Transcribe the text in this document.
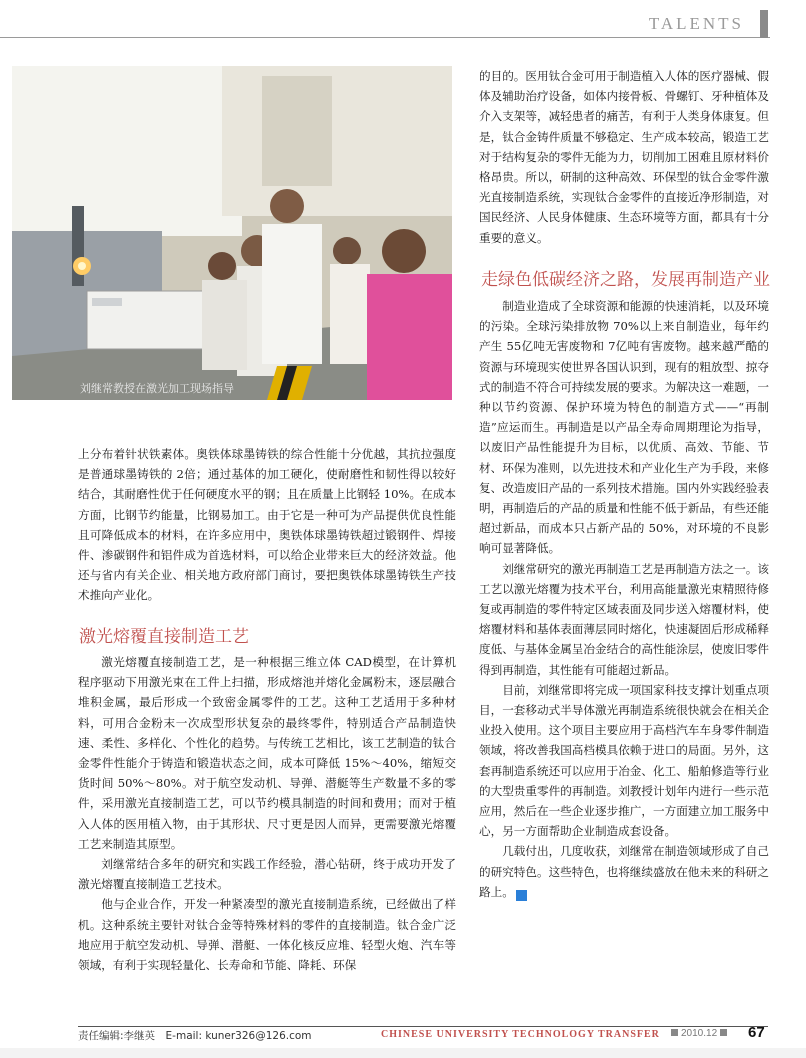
TALENTS
刘继常教授在激光加工现场指导

上分布着针状铁素体。奥铁体球墨铸铁的综合性能十分优越，其抗拉强度是普通球墨铸铁的 2倍；通过基体的加工硬化，使耐磨性和韧性得以较好结合，其耐磨性优于任何硬度水平的钢；且在质量上比钢轻 10%。在成本方面，比钢节约能量，比钢易加工。由于它是一种可为产品提供优良性能且可降低成本的材料，在许多应用中，奥铁体球墨铸铁超过锻钢件、焊接件、渗碳钢件和铝件成为首选材料，可以给企业带来巨大的经济效益。他还与省内有关企业、相关地方政府部门商讨，要把奥铁体球墨铸铁生产技术推向产业化。

激光熔覆直接制造工艺

激光熔覆直接制造工艺，是一种根据三维立体 CAD模型，在计算机程序驱动下用激光束在工件上扫描，形成熔池并熔化金属粉末，逐层融合堆积金属，最后形成一个致密金属零件的工艺。这种工艺适用于多种材料，可用合金粉末一次成型形状复杂的最终零件，特别适合产品制造快速、柔性、多样化、个性化的趋势。与传统工艺相比，该工艺制造的钛合金零件性能介于铸造和锻造状态之间，成本可降低 15%～40%，缩短交货时间 50%～80%。对于航空发动机、导弹、潜艇等生产数量不多的零件，采用激光直接制造工艺，可以节约模具制造的时间和费用；而对于植入人体的医用植入物，由于其形状、尺寸更是因人而异，更需要激光熔覆工艺来制造其原型。

刘继常结合多年的研究和实践工作经验，潜心钻研，终于成功开发了激光熔覆直接制造工艺技术。

他与企业合作，开发一种紧凑型的激光直接制造系统，已经做出了样机。这种系统主要针对钛合金等特殊材料的零件的直接制造。钛合金广泛地应用于航空发动机、导弹、潜艇、一体化核反应堆、轻型火炮、汽车等领域，有利于实现轻量化、长寿命和节能、降耗、环保

的目的。医用钛合金可用于制造植入人体的医疗器械、假体及辅助治疗设备，如体内接骨板、骨螺钉、牙种植体及介入支架等，减轻患者的痛苦，有利于人类身体康复。但是，钛合金铸件质量不够稳定、生产成本较高，锻造工艺对于结构复杂的零件无能为力，切削加工困难且原材料价格昂贵。所以，研制的这种高效、环保型的钛合金零件激光直接制造系统，实现钛合金零件的直接近净形制造，对国民经济、人民身体健康、生态环境等方面，都具有十分重要的意义。

走绿色低碳经济之路，发展再制造产业

制造业造成了全球资源和能源的快速消耗，以及环境的污染。全球污染排放物 70%以上来自制造业，每年约产生 55亿吨无害废物和 7亿吨有害废物。越来越严酷的资源与环境现实使世界各国认识到，现有的粗放型、掠夺式的制造不符合可持续发展的要求。为解决这一难题，一种以节约资源、保护环境为特色的制造方式——“再制造”应运而生。再制造是以产品全寿命周期理论为指导，以废旧产品性能提升为目标，以优质、高效、节能、节材、环保为准则，以先进技术和产业化生产为手段，来修复、改造废旧产品的一系列技术措施。国内外实践经验表明，再制造后的产品的质量和性能不低于新品，有些还能超过新品，而成本只占新产品的 50%，对环境的不良影响可显著降低。

刘继常研究的激光再制造工艺是再制造方法之一。该工艺以激光熔覆为技术平台，利用高能量激光束精照待修复或再制造的零件特定区域表面及同步送入熔覆材料，使熔覆材料和基体表面薄层同时熔化，快速凝固后形成稀释度低、与基体金属呈冶金结合的高性能涂层，使废旧零件得到再制造，其性能有可能超过新品。

目前，刘继常即将完成一项国家科技支撑计划重点项目，一套移动式半导体激光再制造系统很快就会在相关企业投入使用。这个项目主要应用于高档汽车车身零件制造领域，将改善我国高档模具依赖于进口的局面。另外，这套再制造系统还可以应用于冶金、化工、船舶修造等行业的大型贵重零件的再制造。刘教授计划年内进行一些示范应用，然后在一些企业逐步推广，一方面建立加工服务中心，另一方面帮助企业制造成套设备。

几载付出，几度收获，刘继常在制造领域形成了自己的研究特色。这些特色，也将继续盛放在他未来的科研之路上。	✓

责任编辑:李继英　E-mail: kuner326@126.com	CHINESE UNIVERSITY TECHNOLOGY TRANSFER	2010.12	67
